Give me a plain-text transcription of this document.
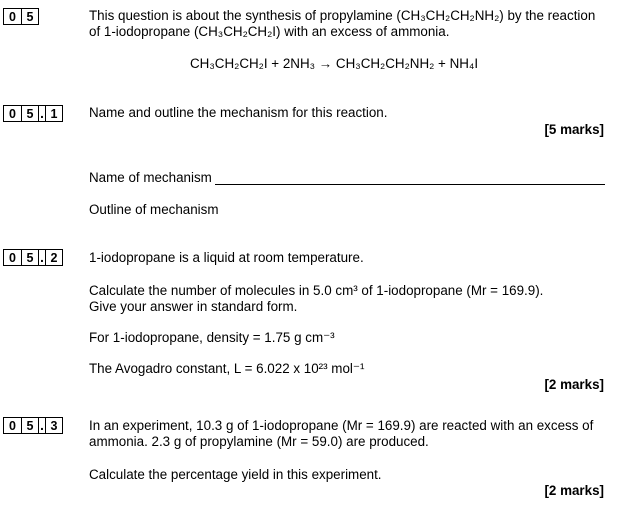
0 5	This question is about the synthesis of propylamine (CH₃CH₂CH₂NH₂) by the reaction
of 1-iodopropane (CH₃CH₂CH₂I) with an excess of ammonia.
CH₃CH₂CH₂I + 2NH₃ → CH₃CH₂CH₂NH₂ + NH₄I
0 5 . 1	Name and outline the mechanism for this reaction.
[5 marks]
Name of mechanism
Outline of mechanism
0 5 . 2	1-iodopropane is a liquid at room temperature.
Calculate the number of molecules in 5.0 cm³ of 1-iodopropane (Mr = 169.9).
Give your answer in standard form.
For 1-iodopropane, density = 1.75 g cm⁻³
The Avogadro constant, L = 6.022 x 10²³ mol⁻¹
[2 marks]
0 5 . 3	In an experiment, 10.3 g of 1-iodopropane (Mr = 169.9) are reacted with an excess of
ammonia. 2.3 g of propylamine (Mr = 59.0) are produced.
Calculate the percentage yield in this experiment.
[2 marks]
